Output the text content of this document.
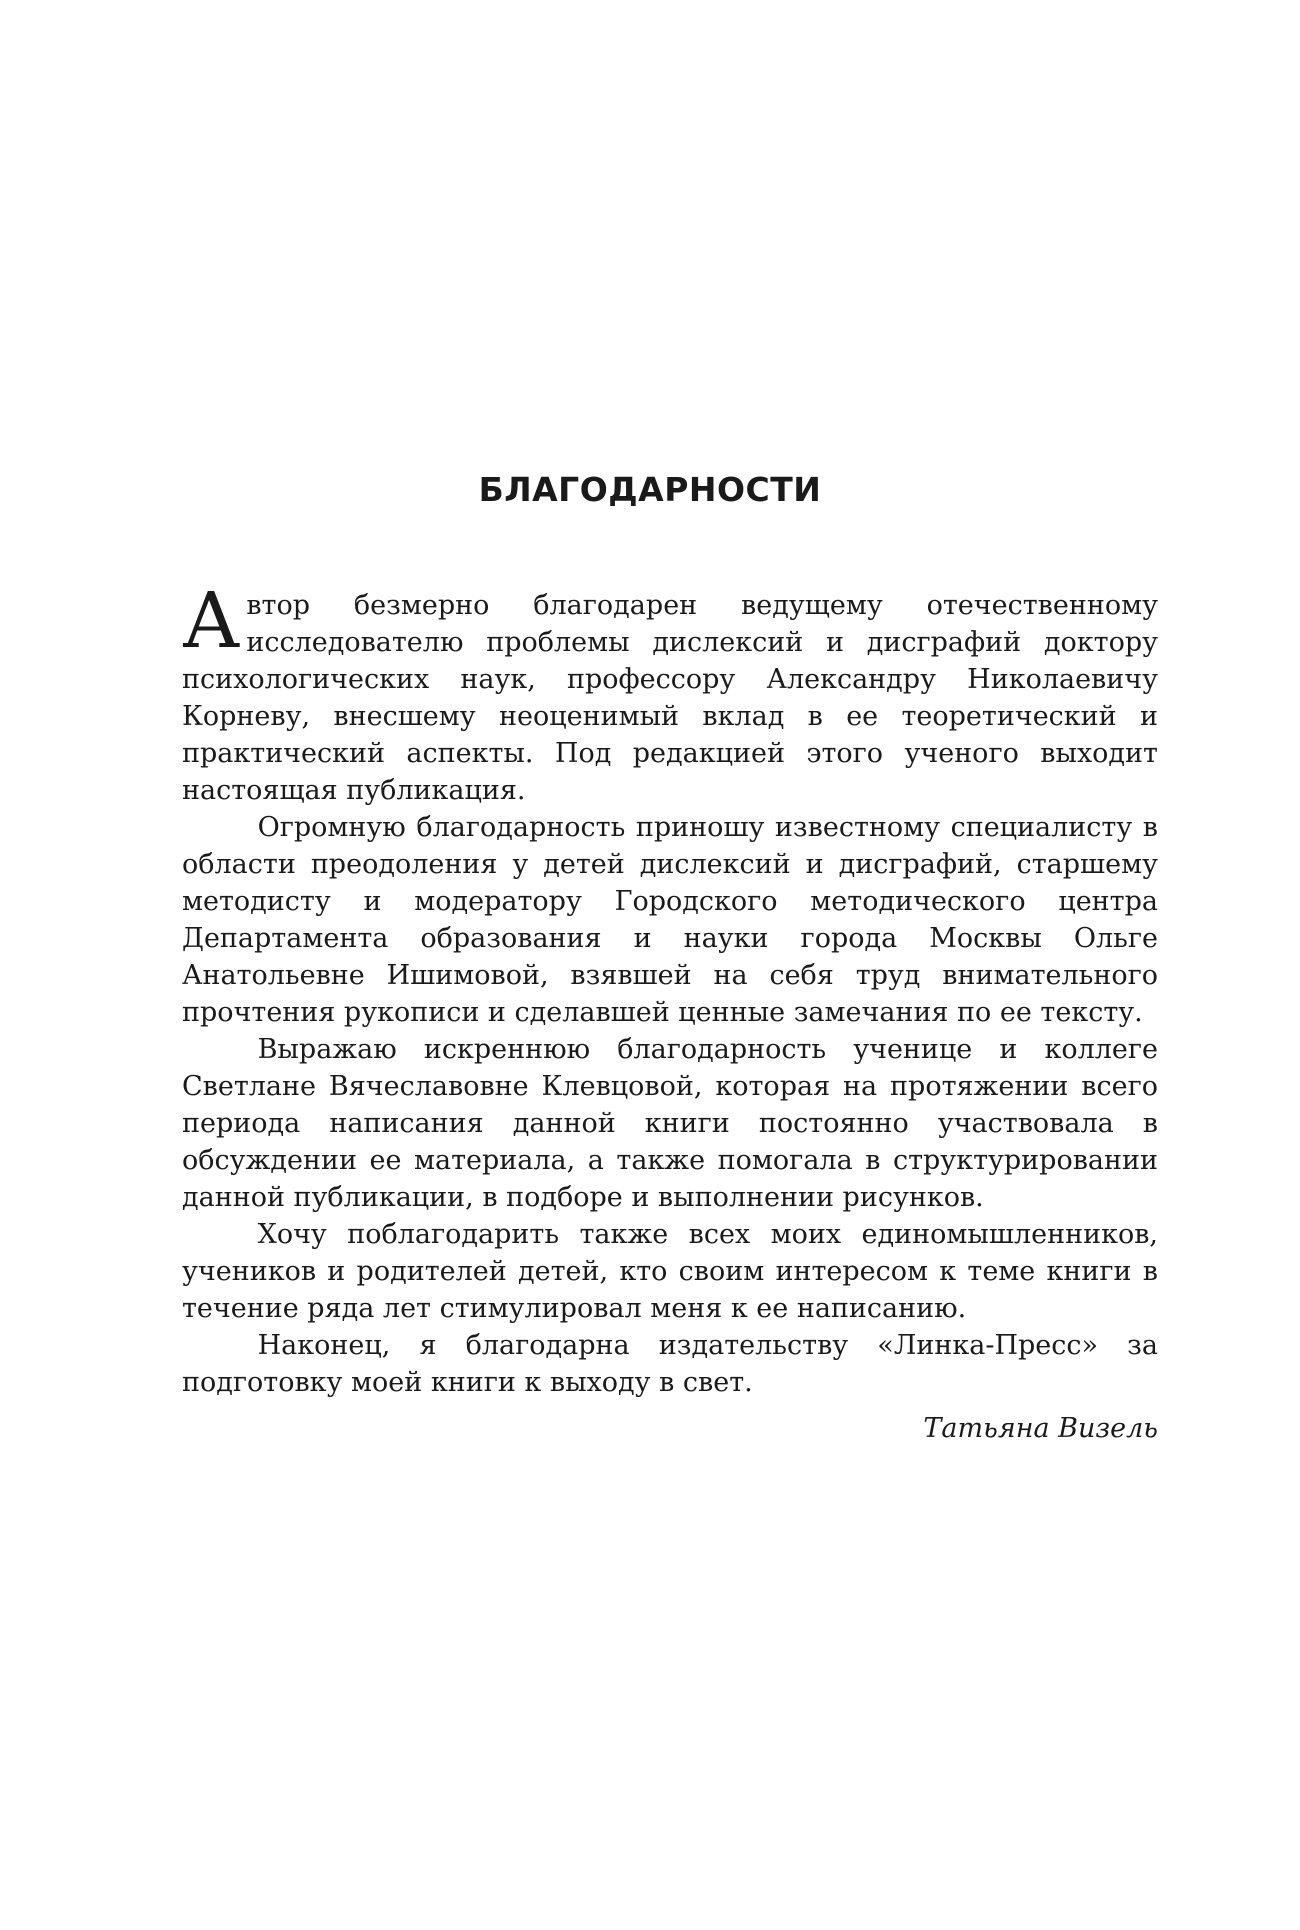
БЛАГОДАРНОСТИ

Автор безмерно благодарен ведущему отечественному исследователю проблемы дислексий и дисграфий доктору психологических наук, профессору Александру Николаевичу Корневу, внесшему неоценимый вклад в ее теоретический и практический аспекты. Под редакцией этого ученого выходит настоящая публикация.

Огромную благодарность приношу известному специалисту в области преодоления у детей дислексий и дисграфий, старшему методисту и модератору Городского методического центра Департамента образования и науки города Москвы Ольге Анатольевне Ишимовой, взявшей на себя труд внимательного прочтения рукописи и сделавшей ценные замечания по ее тексту.

Выражаю искреннюю благодарность ученице и коллеге Светлане Вячеславовне Клевцовой, которая на протяжении всего периода написания данной книги постоянно участвовала в обсуждении ее материала, а также помогала в структурировании данной публикации, в подборе и выполнении рисунков.

Хочу поблагодарить также всех моих единомышленников, учеников и родителей детей, кто своим интересом к теме книги в течение ряда лет стимулировал меня к ее написанию.

Наконец, я благодарна издательству «Линка-Пресс» за подготовку моей книги к выходу в свет.

Татьяна Визель
